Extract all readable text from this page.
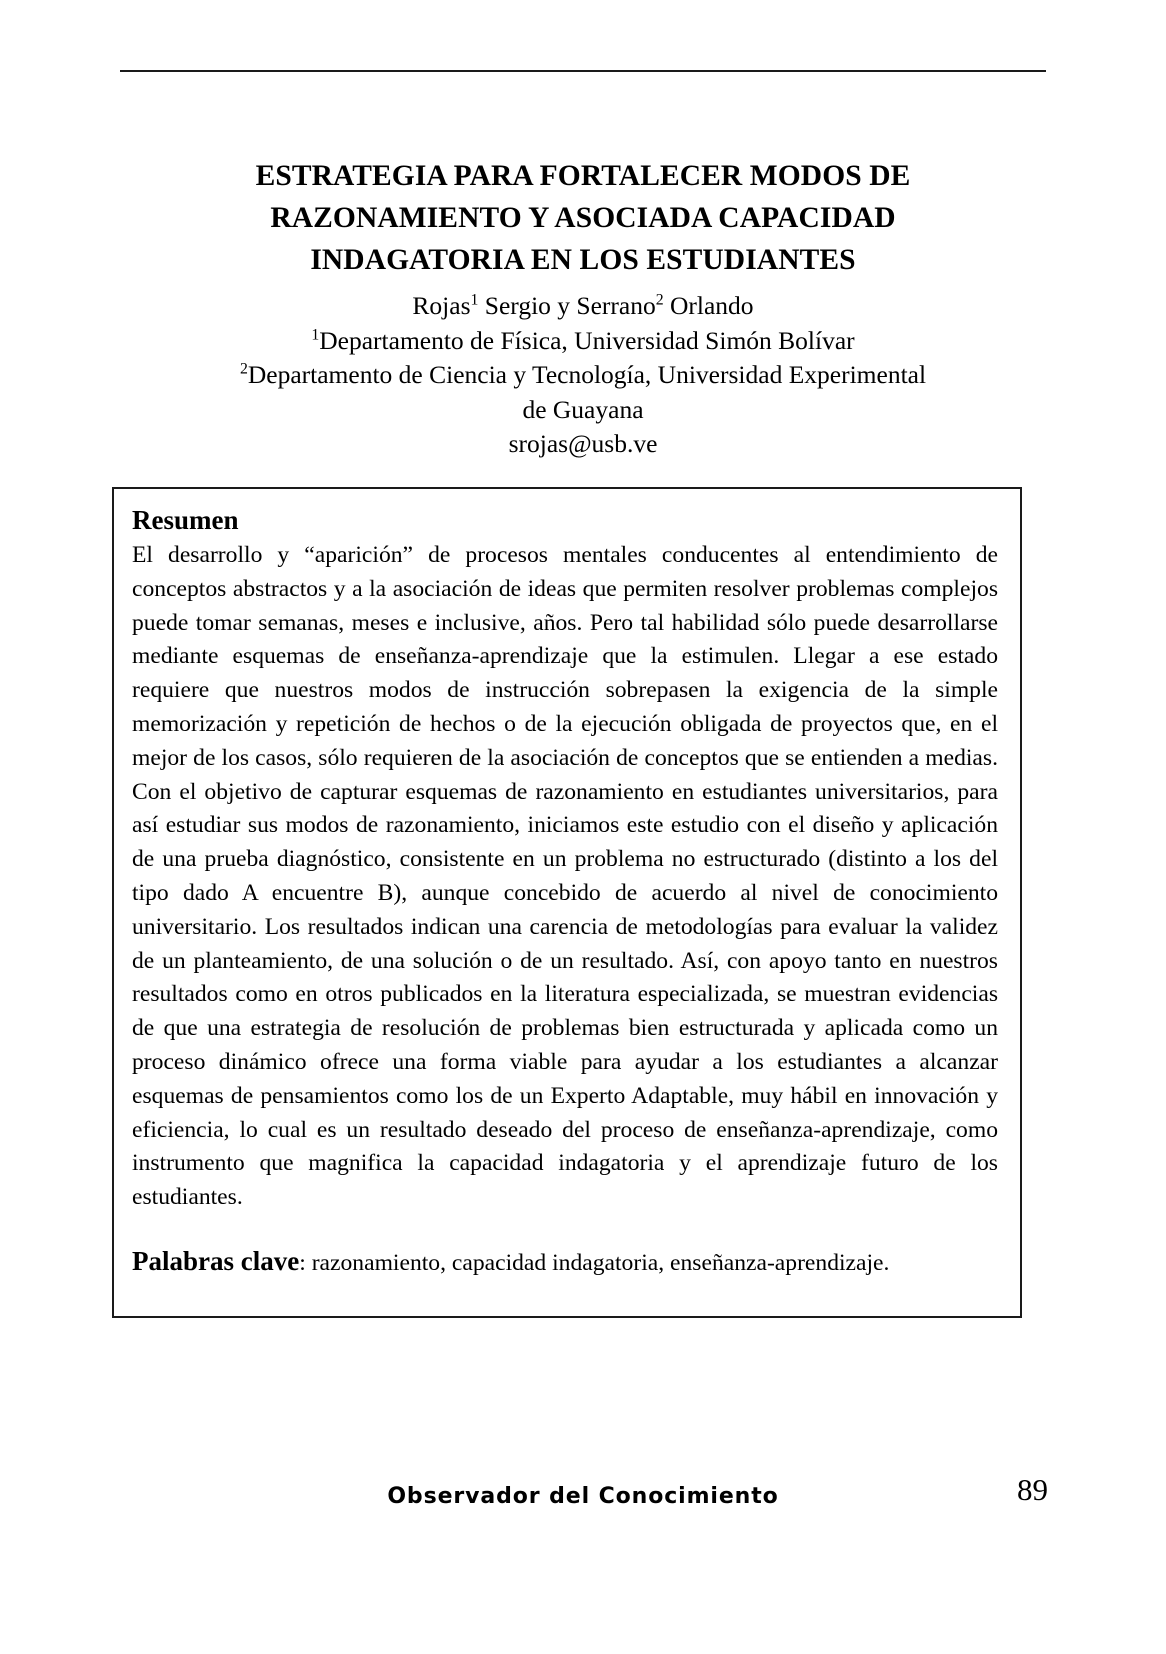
ESTRATEGIA PARA FORTALECER MODOS DE
RAZONAMIENTO Y ASOCIADA CAPACIDAD
INDAGATORIA EN LOS ESTUDIANTES
Rojas$^1$ Sergio y Serrano$^2$ Orlando
$^1$Departamento de Física, Universidad Simón Bolívar
$^2$Departamento de Ciencia y Tecnología, Universidad Experimental
de Guayana
srojas@usb.ve
Resumen

El desarrollo y “aparición” de procesos mentales conducentes al entendimiento de conceptos abstractos y a la asociación de ideas que permiten resolver problemas complejos puede tomar semanas, meses e inclusive, años. Pero tal habilidad sólo puede desarrollarse mediante esquemas de enseñanza-aprendizaje que la estimulen. Llegar a ese estado requiere que nuestros modos de instrucción sobrepasen la exigencia de la simple memorización y repetición de hechos o de la ejecución obligada de proyectos que, en el mejor de los casos, sólo requieren de la asociación de conceptos que se entienden a medias. Con el objetivo de capturar esquemas de razonamiento en estudiantes universitarios, para así estudiar sus modos de razonamiento, iniciamos este estudio con el diseño y aplicación de una prueba diagnóstico, consistente en un problema no estructurado (distinto a los del tipo dado A encuentre B), aunque concebido de acuerdo al nivel de conocimiento universitario. Los resultados indican una carencia de metodologías para evaluar la validez de un planteamiento, de una solución o de un resultado. Así, con apoyo tanto en nuestros resultados como en otros publicados en la literatura especializada, se muestran evidencias de que una estrategia de resolución de problemas bien estructurada y aplicada como un proceso dinámico ofrece una forma viable para ayudar a los estudiantes a alcanzar esquemas de pensamientos como los de un Experto Adaptable, muy hábil en innovación y eficiencia, lo cual es un resultado deseado del proceso de enseñanza-aprendizaje, como instrumento que magnifica la capacidad indagatoria y el aprendizaje futuro de los estudiantes.

Palabras clave: razonamiento, capacidad indagatoria, enseñanza-aprendizaje.

Observador del Conocimiento	89
